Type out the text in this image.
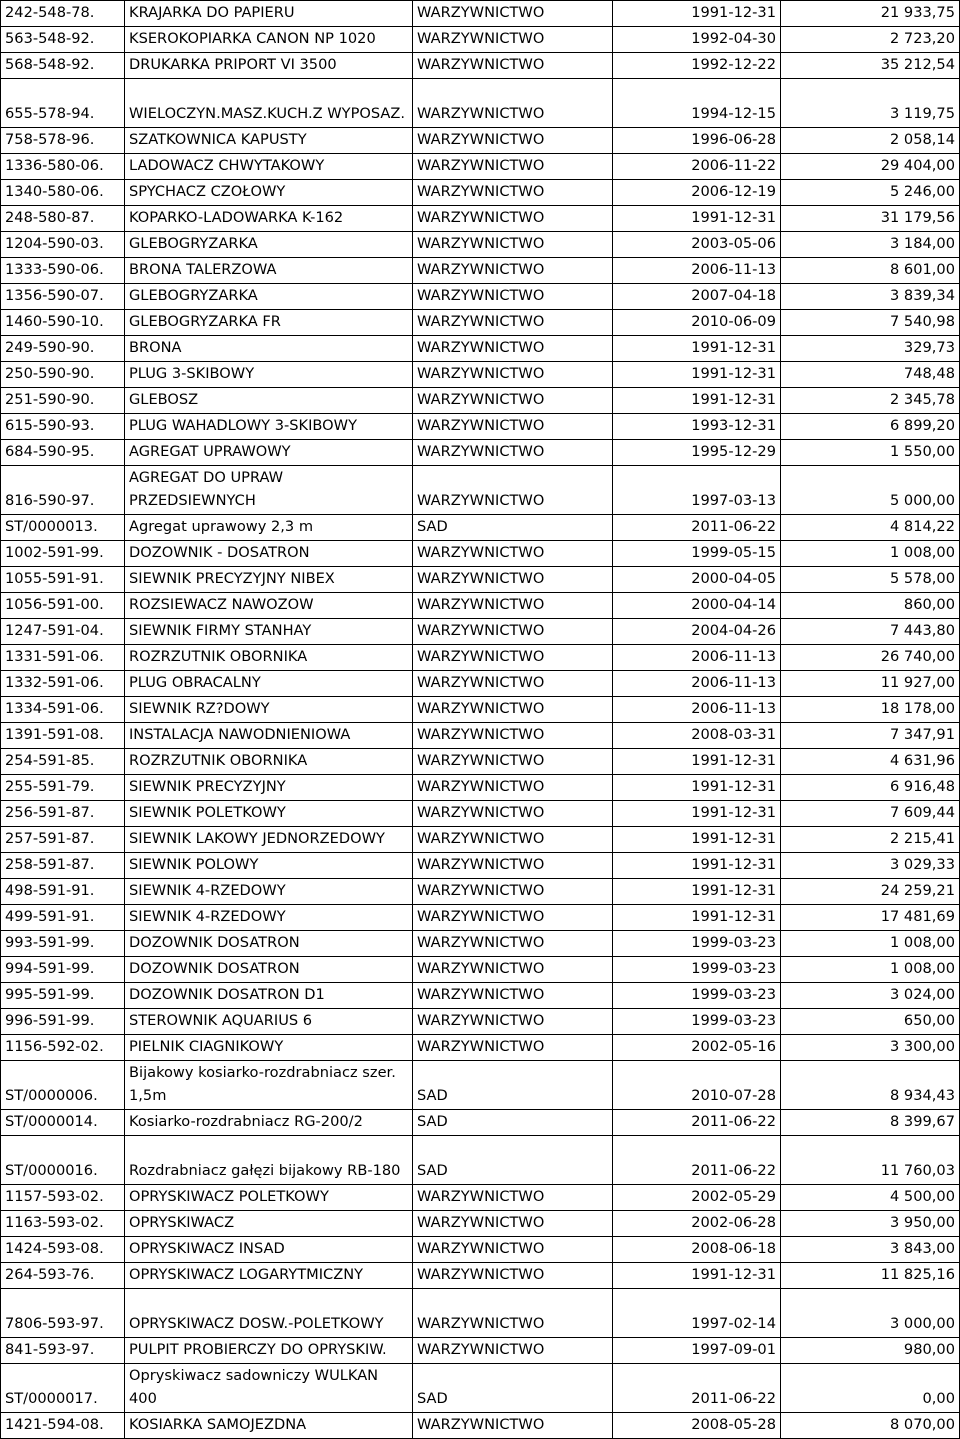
242-548-78.	KRAJARKA DO PAPIERU	WARZYWNICTWO	1991-12-31	21 933,75
563-548-92.	KSEROKOPIARKA CANON NP 1020	WARZYWNICTWO	1992-04-30	2 723,20
568-548-92.	DRUKARKA PRIPORT VI 3500	WARZYWNICTWO	1992-12-22	35 212,54
655-578-94.	WIELOCZYN.MASZ.KUCH.Z WYPOSAZ.	WARZYWNICTWO	1994-12-15	3 119,75
758-578-96.	SZATKOWNICA KAPUSTY	WARZYWNICTWO	1996-06-28	2 058,14
1336-580-06.	LADOWACZ CHWYTAKOWY	WARZYWNICTWO	2006-11-22	29 404,00
1340-580-06.	SPYCHACZ CZOŁOWY	WARZYWNICTWO	2006-12-19	5 246,00
248-580-87.	KOPARKO-LADOWARKA K-162	WARZYWNICTWO	1991-12-31	31 179,56
1204-590-03.	GLEBOGRYZARKA	WARZYWNICTWO	2003-05-06	3 184,00
1333-590-06.	BRONA TALERZOWA	WARZYWNICTWO	2006-11-13	8 601,00
1356-590-07.	GLEBOGRYZARKA	WARZYWNICTWO	2007-04-18	3 839,34
1460-590-10.	GLEBOGRYZARKA FR	WARZYWNICTWO	2010-06-09	7 540,98
249-590-90.	BRONA	WARZYWNICTWO	1991-12-31	329,73
250-590-90.	PLUG 3-SKIBOWY	WARZYWNICTWO	1991-12-31	748,48
251-590-90.	GLEBOSZ	WARZYWNICTWO	1991-12-31	2 345,78
615-590-93.	PLUG WAHADLOWY 3-SKIBOWY	WARZYWNICTWO	1993-12-31	6 899,20
684-590-95.	AGREGAT UPRAWOWY	WARZYWNICTWO	1995-12-29	1 550,00
816-590-97.	AGREGAT DO UPRAW PRZEDSIEWNYCH	WARZYWNICTWO	1997-03-13	5 000,00
ST/0000013.	Agregat uprawowy 2,3 m	SAD	2011-06-22	4 814,22
1002-591-99.	DOZOWNIK - DOSATRON	WARZYWNICTWO	1999-05-15	1 008,00
1055-591-91.	SIEWNIK PRECYZYJNY NIBEX	WARZYWNICTWO	2000-04-05	5 578,00
1056-591-00.	ROZSIEWACZ NAWOZOW	WARZYWNICTWO	2000-04-14	860,00
1247-591-04.	SIEWNIK FIRMY STANHAY	WARZYWNICTWO	2004-04-26	7 443,80
1331-591-06.	ROZRZUTNIK OBORNIKA	WARZYWNICTWO	2006-11-13	26 740,00
1332-591-06.	PLUG OBRACALNY	WARZYWNICTWO	2006-11-13	11 927,00
1334-591-06.	SIEWNIK RZ?DOWY	WARZYWNICTWO	2006-11-13	18 178,00
1391-591-08.	INSTALACJA NAWODNIENIOWA	WARZYWNICTWO	2008-03-31	7 347,91
254-591-85.	ROZRZUTNIK OBORNIKA	WARZYWNICTWO	1991-12-31	4 631,96
255-591-79.	SIEWNIK PRECYZYJNY	WARZYWNICTWO	1991-12-31	6 916,48
256-591-87.	SIEWNIK POLETKOWY	WARZYWNICTWO	1991-12-31	7 609,44
257-591-87.	SIEWNIK LAKOWY JEDNORZEDOWY	WARZYWNICTWO	1991-12-31	2 215,41
258-591-87.	SIEWNIK POLOWY	WARZYWNICTWO	1991-12-31	3 029,33
498-591-91.	SIEWNIK 4-RZEDOWY	WARZYWNICTWO	1991-12-31	24 259,21
499-591-91.	SIEWNIK 4-RZEDOWY	WARZYWNICTWO	1991-12-31	17 481,69
993-591-99.	DOZOWNIK DOSATRON	WARZYWNICTWO	1999-03-23	1 008,00
994-591-99.	DOZOWNIK DOSATRON	WARZYWNICTWO	1999-03-23	1 008,00
995-591-99.	DOZOWNIK DOSATRON D1	WARZYWNICTWO	1999-03-23	3 024,00
996-591-99.	STEROWNIK AQUARIUS 6	WARZYWNICTWO	1999-03-23	650,00
1156-592-02.	PIELNIK CIAGNIKOWY	WARZYWNICTWO	2002-05-16	3 300,00
ST/0000006.	Bijakowy kosiarko-rozdrabniacz szer. 1,5m	SAD	2010-07-28	8 934,43
ST/0000014.	Kosiarko-rozdrabniacz RG-200/2	SAD	2011-06-22	8 399,67
ST/0000016.	Rozdrabniacz gałęzi bijakowy RB-180	SAD	2011-06-22	11 760,03
1157-593-02.	OPRYSKIWACZ POLETKOWY	WARZYWNICTWO	2002-05-29	4 500,00
1163-593-02.	OPRYSKIWACZ	WARZYWNICTWO	2002-06-28	3 950,00
1424-593-08.	OPRYSKIWACZ INSAD	WARZYWNICTWO	2008-06-18	3 843,00
264-593-76.	OPRYSKIWACZ LOGARYTMICZNY	WARZYWNICTWO	1991-12-31	11 825,16
7806-593-97.	OPRYSKIWACZ DOSW.-POLETKOWY	WARZYWNICTWO	1997-02-14	3 000,00
841-593-97.	PULPIT PROBIERCZY DO OPRYSKIW.	WARZYWNICTWO	1997-09-01	980,00
ST/0000017.	Opryskiwacz sadowniczy WULKAN 400	SAD	2011-06-22	0,00
1421-594-08.	KOSIARKA SAMOJEZDNA	WARZYWNICTWO	2008-05-28	8 070,00
